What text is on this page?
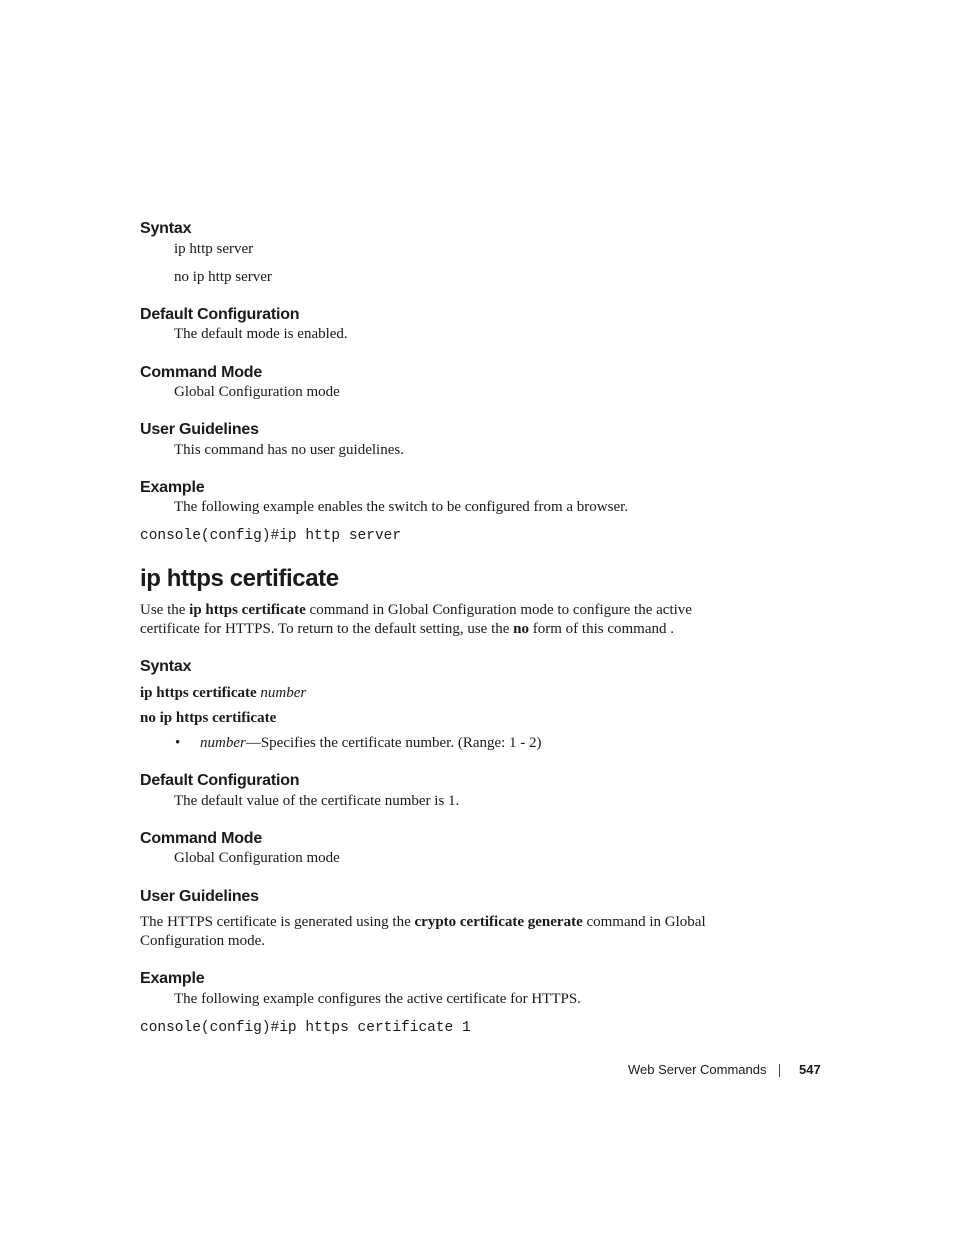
Syntax
ip http server
no ip http server
Default Configuration
The default mode is enabled.
Command Mode
Global Configuration mode
User Guidelines
This command has no user guidelines.
Example
The following example enables the switch to be configured from a browser.
console(config)#ip http server
ip https certificate
Use the ip https certificate command in Global Configuration mode to configure the active
certificate for HTTPS. To return to the default setting, use the no form of this command .
Syntax
ip https certificate number
no ip https certificate
• number—Specifies the certificate number. (Range: 1 - 2)
Default Configuration
The default value of the certificate number is 1.
Command Mode
Global Configuration mode
User Guidelines
The HTTPS certificate is generated using the crypto certificate generate command in Global
Configuration mode.
Example
The following example configures the active certificate for HTTPS.
console(config)#ip https certificate 1
Web Server Commands	547
